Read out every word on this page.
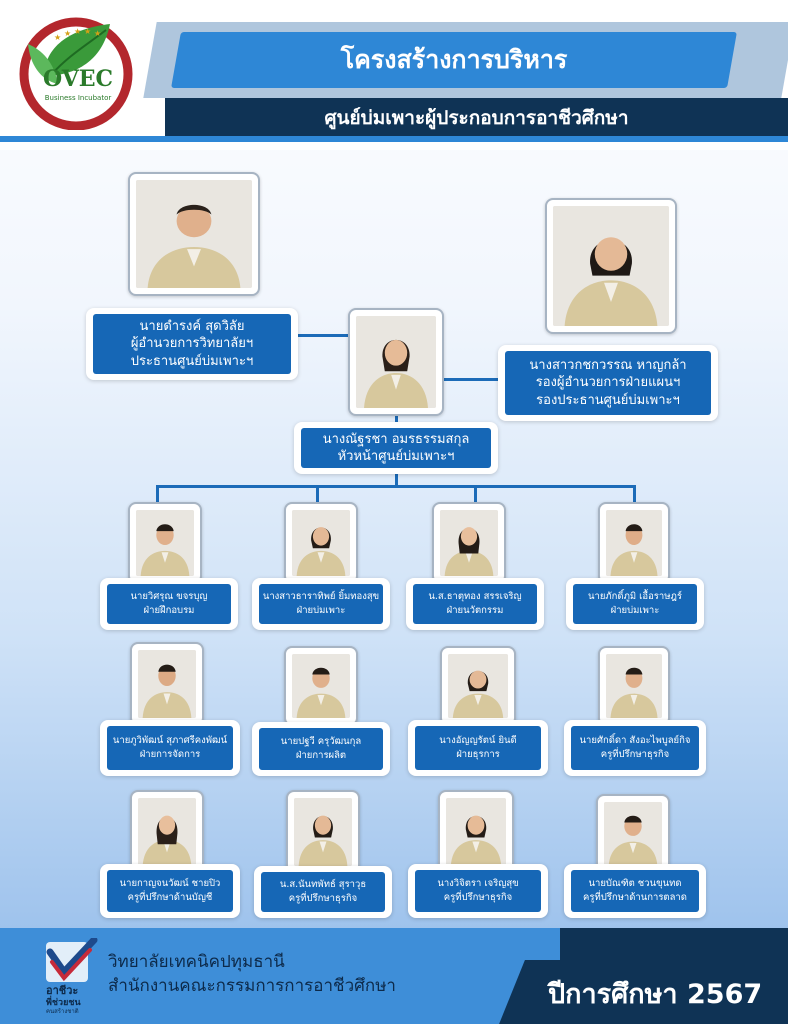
โครงสร้างการบริหาร
ศูนย์บ่มเพาะผู้ประกอบการอาชีวศึกษา
OVEC
Business Incubator
★ ★ ★ ★ ★
นายดำรงค์ สุดวิลัย
ผู้อำนวยการวิทยาลัยฯ
ประธานศูนย์บ่มเพาะฯ	นางสาวกชกวรรณ หาญกล้า
รองผู้อำนวยการฝ่ายแผนฯ
รองประธานศูนย์บ่มเพาะฯ
นางณัฐรชา อมรธรรมสกุล
หัวหน้าศูนย์บ่มเพาะฯ
นายวิศรุณ ขจรบุญ
ฝ่ายฝึกอบรม
นางสาวธาราทิพย์ ยิ้มทองสุข
ฝ่ายบ่มเพาะ
น.ส.ธาตุทอง สรรเจริญ
ฝ่ายนวัตกรรม
นายภักดิ์ภูมิ เอื้อราษฎร์
ฝ่ายบ่มเพาะ
นายภูวิพัฒน์ สุภาศรีคงพัฒน์
ฝ่ายการจัดการ
นายปฐวี ครุวัฒนกุล
ฝ่ายการผลิต
นางอัญญรัตน์ ยินดี
ฝ่ายธุรการ
นายศักดิ์ดา สังอะไพบูลย์กิจ
ครูที่ปรึกษาธุรกิจ
นายกาญจนวัฒน์ ชายปิว
ครูที่ปรึกษาด้านบัญชี
น.ส.นันทพัทธ์ สุราวุธ
ครูที่ปรึกษาธุรกิจ
นางวิจิตรา เจริญสุข
ครูที่ปรึกษาธุรกิจ
นายบัณฑิต ชวนขุนทด
ครูที่ปรึกษาด้านการตลาด
อาชีวะ
พี่ช่วยชน
คนสร้างชาติ
วิทยาลัยเทคนิคปทุมธานี
สำนักงานคณะกรรมการการอาชีวศึกษา	ปีการศึกษา 2567
